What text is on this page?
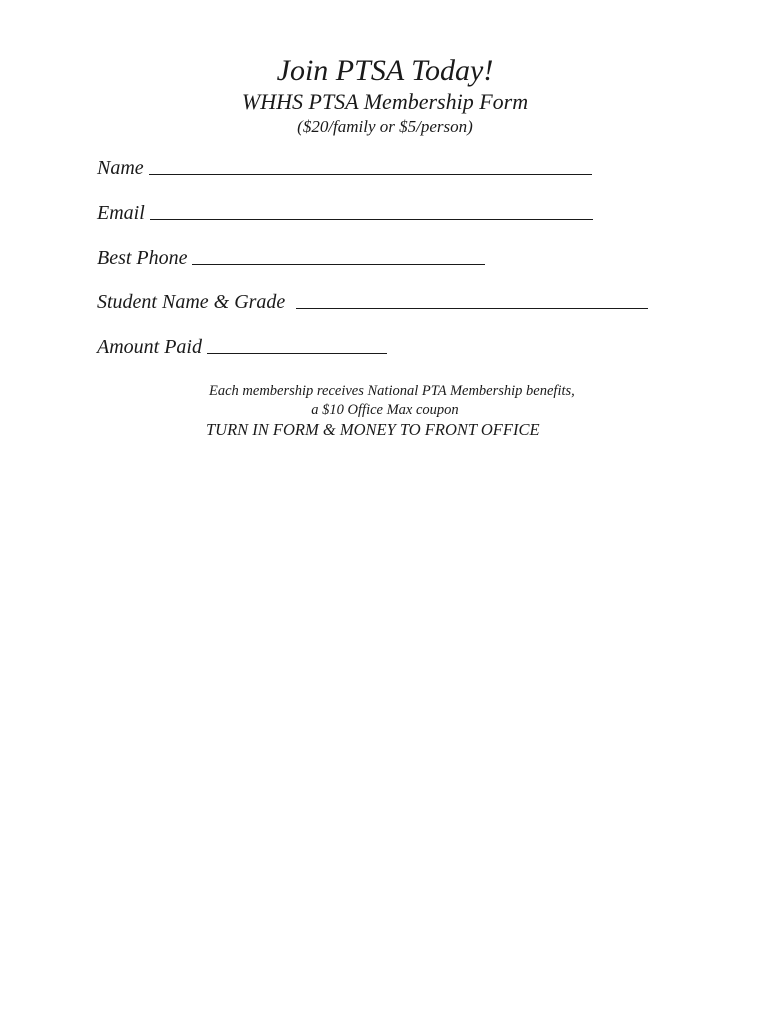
Join PTSA Today!
WHHS PTSA Membership Form
($20/family or $5/person)
Name
Email
Best Phone
Student Name & Grade
Amount Paid
Each membership receives National PTA Membership benefits,
a $10 Office Max coupon
TURN IN FORM & MONEY TO FRONT OFFICE
